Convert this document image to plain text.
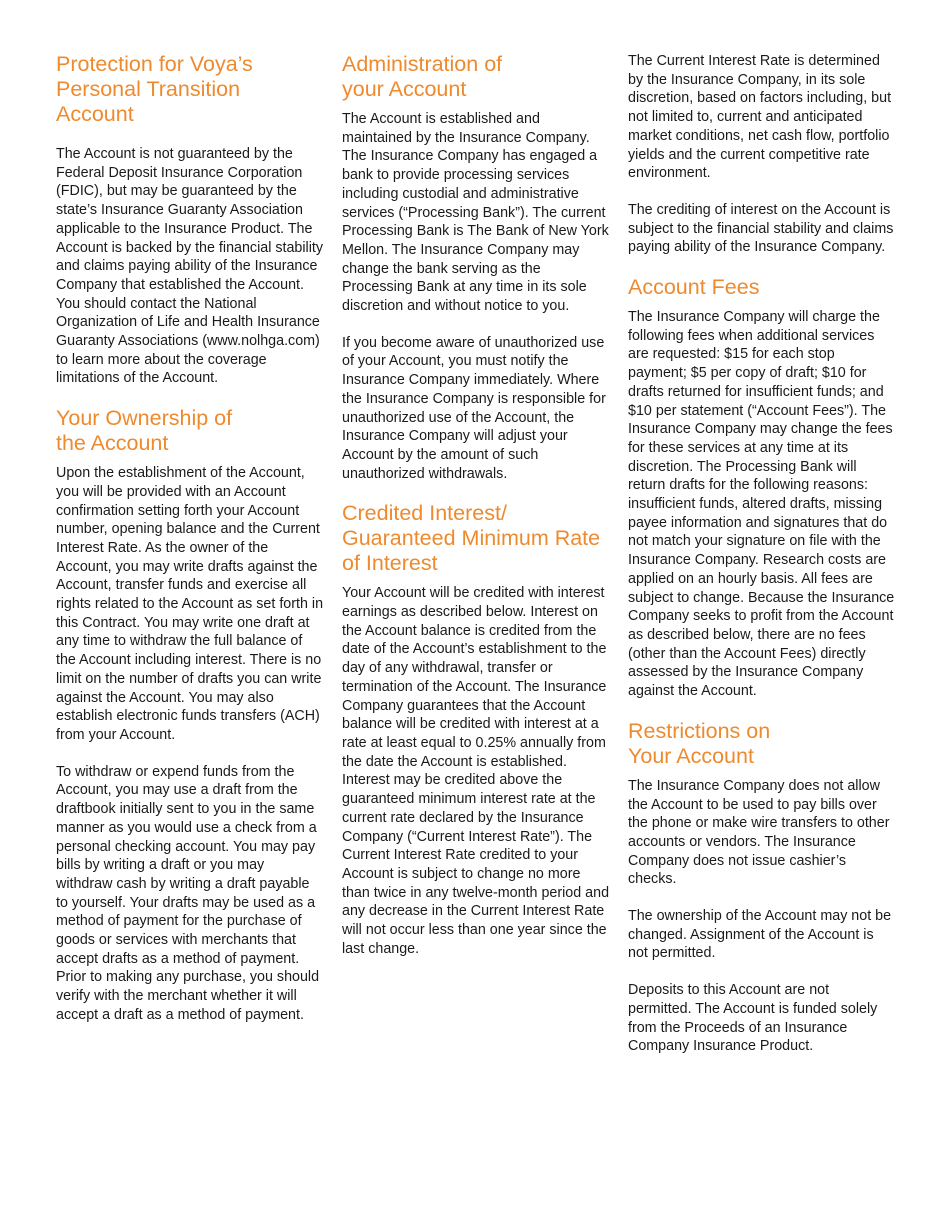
Protection for Voya’s Personal Transition Account

The Account is not guaranteed by the Federal Deposit Insurance Corporation (FDIC), but may be guaranteed by the state’s Insurance Guaranty Association applicable to the Insurance Product. The Account is backed by the financial stability and claims paying ability of the Insurance Company that established the Account. You should contact the National Organization of Life and Health Insurance Guaranty Associations (www.nolhga.com) to learn more about the coverage limitations of the Account.

Your Ownership of the Account

Upon the establishment of the Account, you will be provided with an Account confirmation setting forth your Account number, opening balance and the Current Interest Rate. As the owner of the Account, you may write drafts against the Account, transfer funds and exercise all rights related to the Account as set forth in this Contract. You may write one draft at any time to withdraw the full balance of the Account including interest. There is no limit on the number of drafts you can write against the Account. You may also establish electronic funds transfers (ACH) from your Account.

To withdraw or expend funds from the Account, you may use a draft from the draftbook initially sent to you in the same manner as you would use a check from a personal checking account. You may pay bills by writing a draft or you may withdraw cash by writing a draft payable to yourself. Your drafts may be used as a method of payment for the purchase of goods or services with merchants that accept drafts as a method of payment. Prior to making any purchase, you should verify with the merchant whether it will accept a draft as a method of payment.

Administration of your Account

The Account is established and maintained by the Insurance Company. The Insurance Company has engaged a bank to provide processing services including custodial and administrative services (“Processing Bank”). The current Processing Bank is The Bank of New York Mellon. The Insurance Company may change the bank serving as the Processing Bank at any time in its sole discretion and without notice to you.

If you become aware of unauthorized use of your Account, you must notify the Insurance Company immediately. Where the Insurance Company is responsible for unauthorized use of the Account, the Insurance Company will adjust your Account by the amount of such unauthorized withdrawals.

Credited Interest/ Guaranteed Minimum Rate of Interest

Your Account will be credited with interest earnings as described below. Interest on the Account balance is credited from the date of the Account’s establishment to the day of any withdrawal, transfer or termination of the Account. The Insurance Company guarantees that the Account balance will be credited with interest at a rate at least equal to 0.25% annually from the date the Account is established. Interest may be credited above the guaranteed minimum interest rate at the current rate declared by the Insurance Company (“Current Interest Rate”). The Current Interest Rate credited to your Account is subject to change no more than twice in any twelve-month period and any decrease in the Current Interest Rate will not occur less than one year since the last change.

The Current Interest Rate is determined by the Insurance Company, in its sole discretion, based on factors including, but not limited to, current and anticipated market conditions, net cash flow, portfolio yields and the current competitive rate environment.

The crediting of interest on the Account is subject to the financial stability and claims paying ability of the Insurance Company.

Account Fees

The Insurance Company will charge the following fees when additional services are requested: $15 for each stop payment; $5 per copy of draft; $10 for drafts returned for insufficient funds; and $10 per statement (“Account Fees”). The Insurance Company may change the fees for these services at any time at its discretion. The Processing Bank will return drafts for the following reasons: insufficient funds, altered drafts, missing payee information and signatures that do not match your signature on file with the Insurance Company. Research costs are applied on an hourly basis. All fees are subject to change. Because the Insurance Company seeks to profit from the Account as described below, there are no fees (other than the Account Fees) directly assessed by the Insurance Company against the Account.

Restrictions on Your Account

The Insurance Company does not allow the Account to be used to pay bills over the phone or make wire transfers to other accounts or vendors. The Insurance Company does not issue cashier’s checks.

The ownership of the Account may not be changed. Assignment of the Account is not permitted.

Deposits to this Account are not permitted. The Account is funded solely from the Proceeds of an Insurance Company Insurance Product.
